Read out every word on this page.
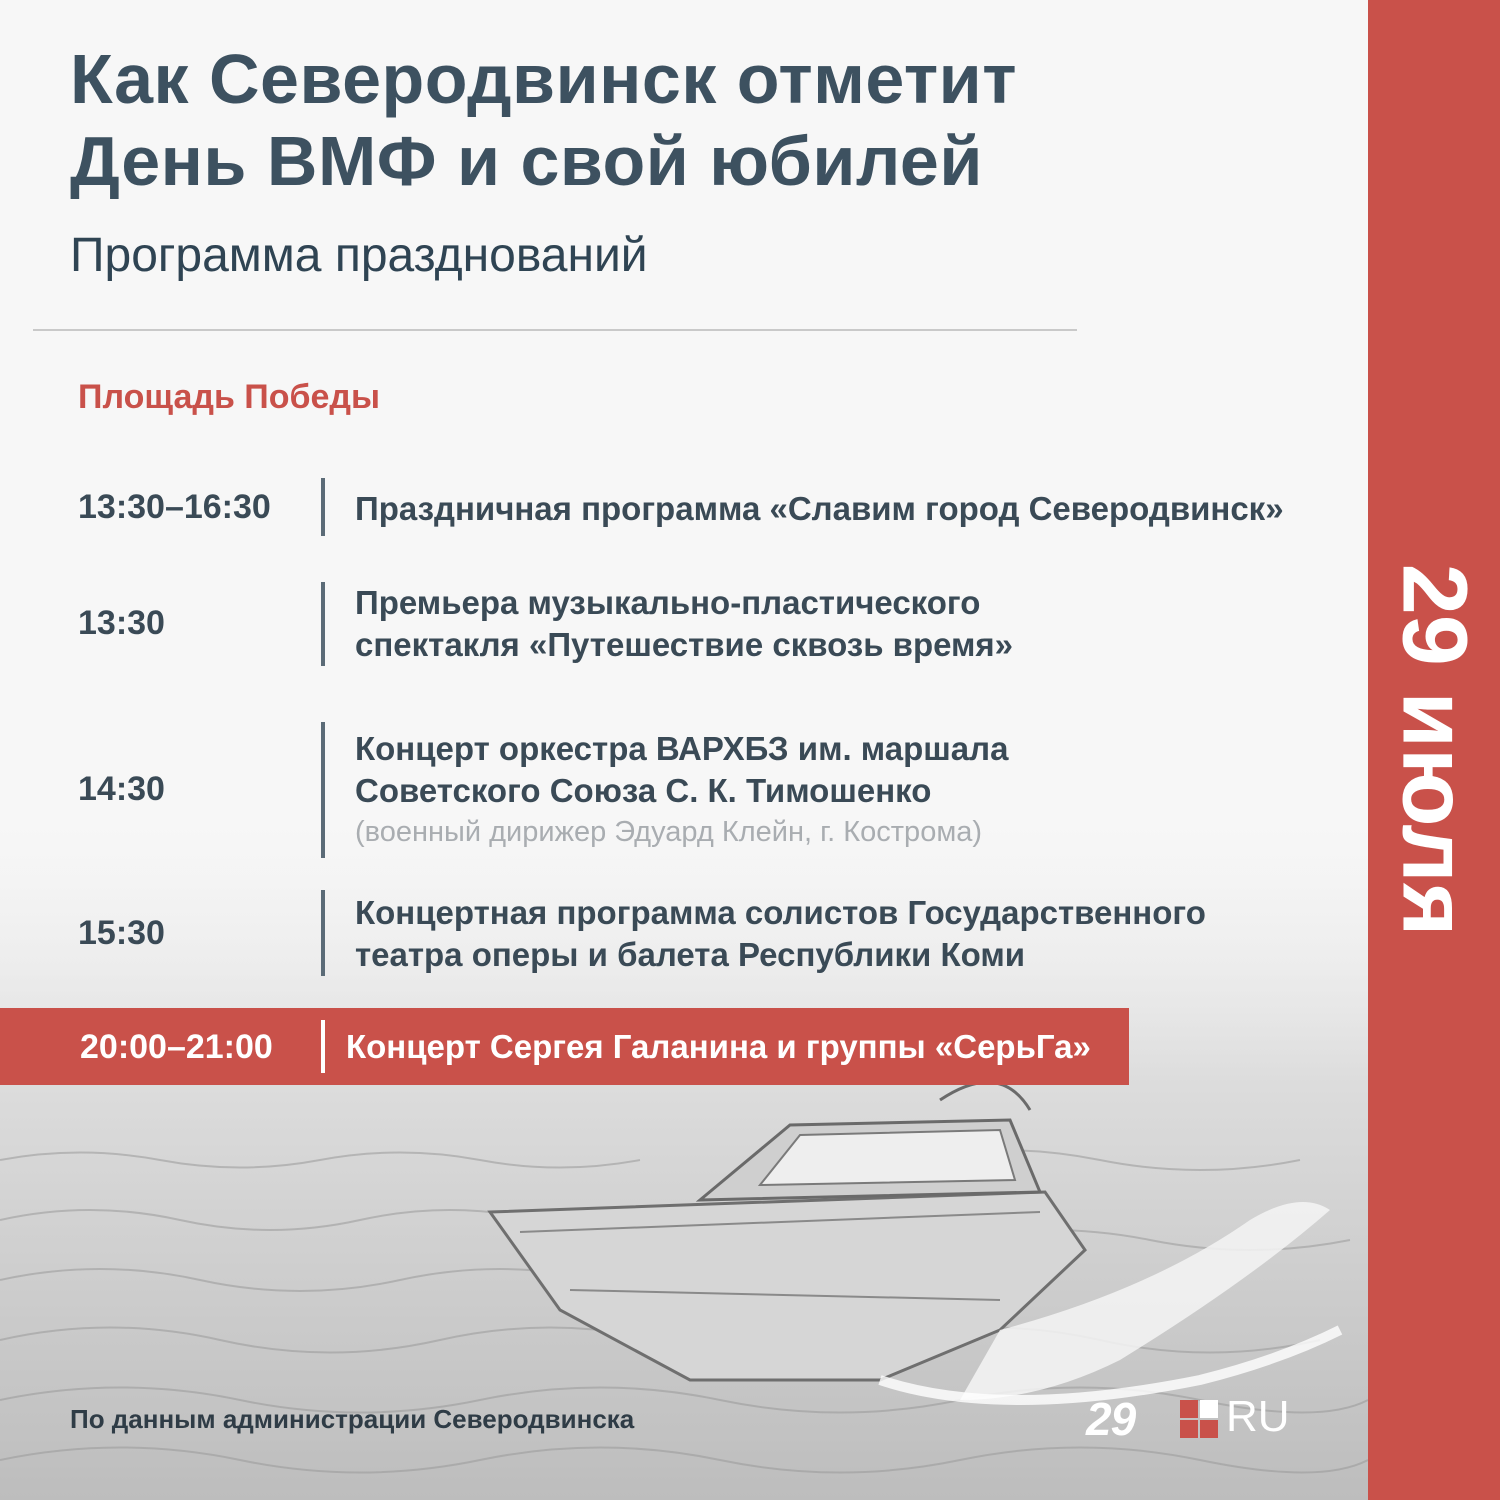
Как Северодвинск отметит
День ВМФ и свой юбилей
Программа празднований
Площадь Победы
13:30–16:30	Праздничная программа «Славим город Северодвинск»
13:30
Премьера музыкально-пластического спектакля «Путешествие сквозь время»
14:30
Концерт оркестра ВАРХБЗ им. маршала Советского Союза С. К. Тимошенко
(военный дирижер Эдуард Клейн, г. Кострома)
15:30
Концертная программа солистов Государственного театра оперы и балета Республики Коми
20:00–21:00 Концерт Сергея Галанина и группы «СерьГа»
29 июля
По данным администрации Северодвинска	29 RU
